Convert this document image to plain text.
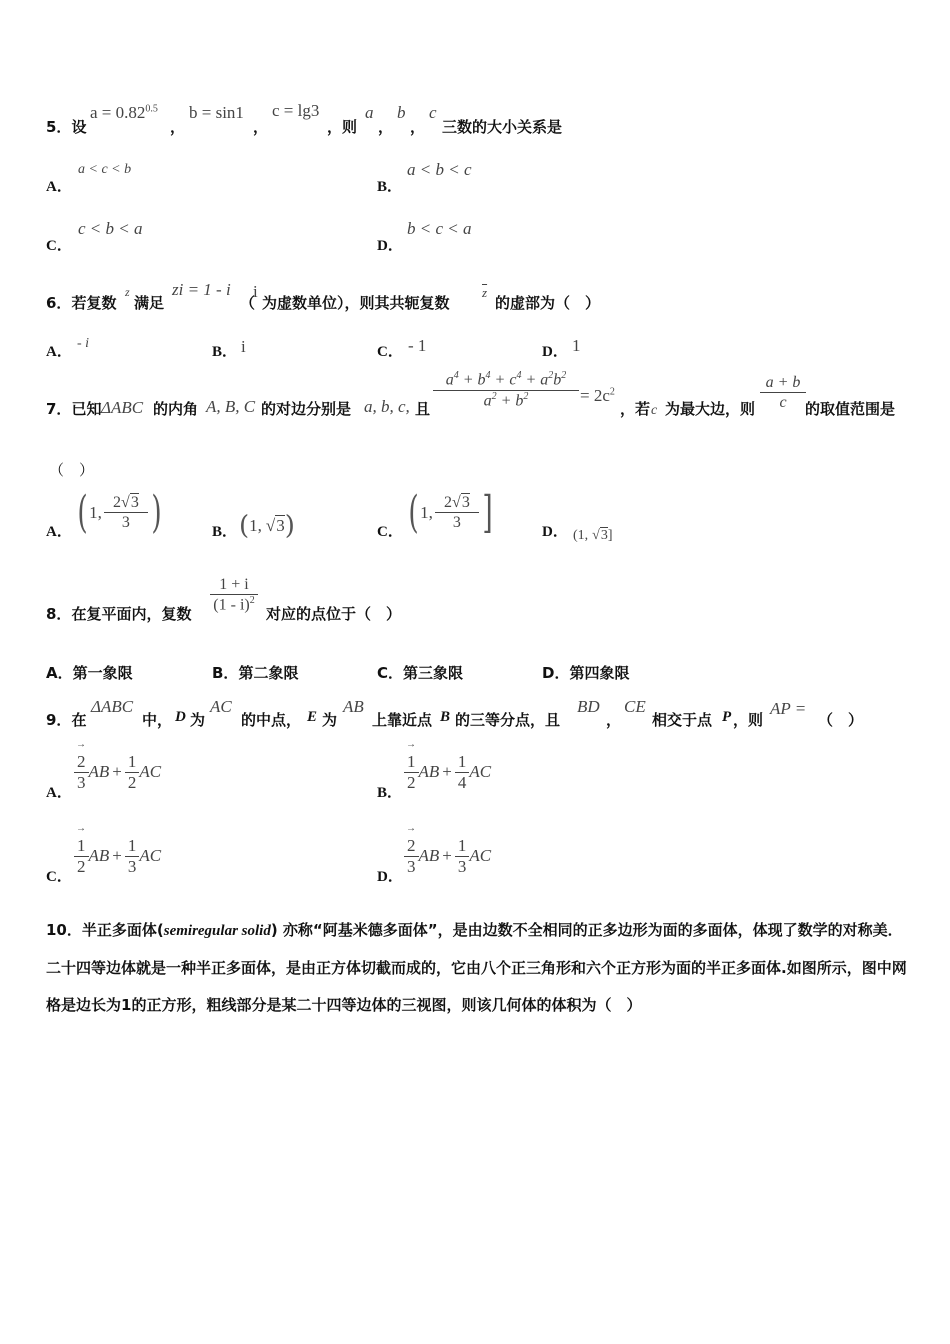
5．设
$a = 0.82^{0.5}$
，
b = sin1
，
c = lg3
，则
a
，
b
，
c
三数的大小关系是
A．
a < c < b
B．
a < b < c
C．
c < b < a
D．
b < c < a
6．若复数
z
满足
zi = 1 - i
（
i
为虚数单位），则其共轭复数
$\overline{z}$
的虚部为（　）
A．
- i
B． i	C． - 1	D． 1
7．已知 ΔABC 的内角 A, B, C 的对边分别是 a, b, c, 且 $\frac{a^4 + b^4 + c^4 + a^2b^2}{a^2 + b^2} = 2c^2$
，若 c 为最大边，则 $\frac{a + b}{c}$ 的取值范围是
（　）
A． ( 1, $\frac{2√3}{3}$ )	B． ( 1, √3 )	C． ( 1, $\frac{2√3}{3}$ ]	D． (1, √3 ]
8．在复平面内，复数 $\frac{1 + i}{(1 - i)^2}$ 对应的点位于（　）
A．第一象限	B．第二象限	C．第三象限	D．第四象限
9．在
ΔABC
中， D 为
AC
的中点， E 为
AB
上靠近点 B 的三等分点，且
BD
，
CE
相交于点 P ，则
AP =
（　）
A．
→ $\frac{2}{3}$ AB + $\frac{1}{2}$ AC
B．
→ $\frac{1}{2}$ AB + $\frac{1}{4}$ AC
C．
→ $\frac{1}{2}$ AB + $\frac{1}{3}$ AC
D．
→ $\frac{2}{3}$ AB + $\frac{1}{3}$ AC
10．半正多面体(semiregular solid) 亦称“阿基米德多面体”，是由边数不全相同的正多边形为面的多面体，体现了数学的对称美．二十四等边体就是一种半正多面体，是由正方体切截而成的，它由八个正三角形和六个正方形为面的半正多面体.如图所示，图中网格是边长为1的正方形，粗线部分是某二十四等边体的三视图，则该几何体的体积为（　）
